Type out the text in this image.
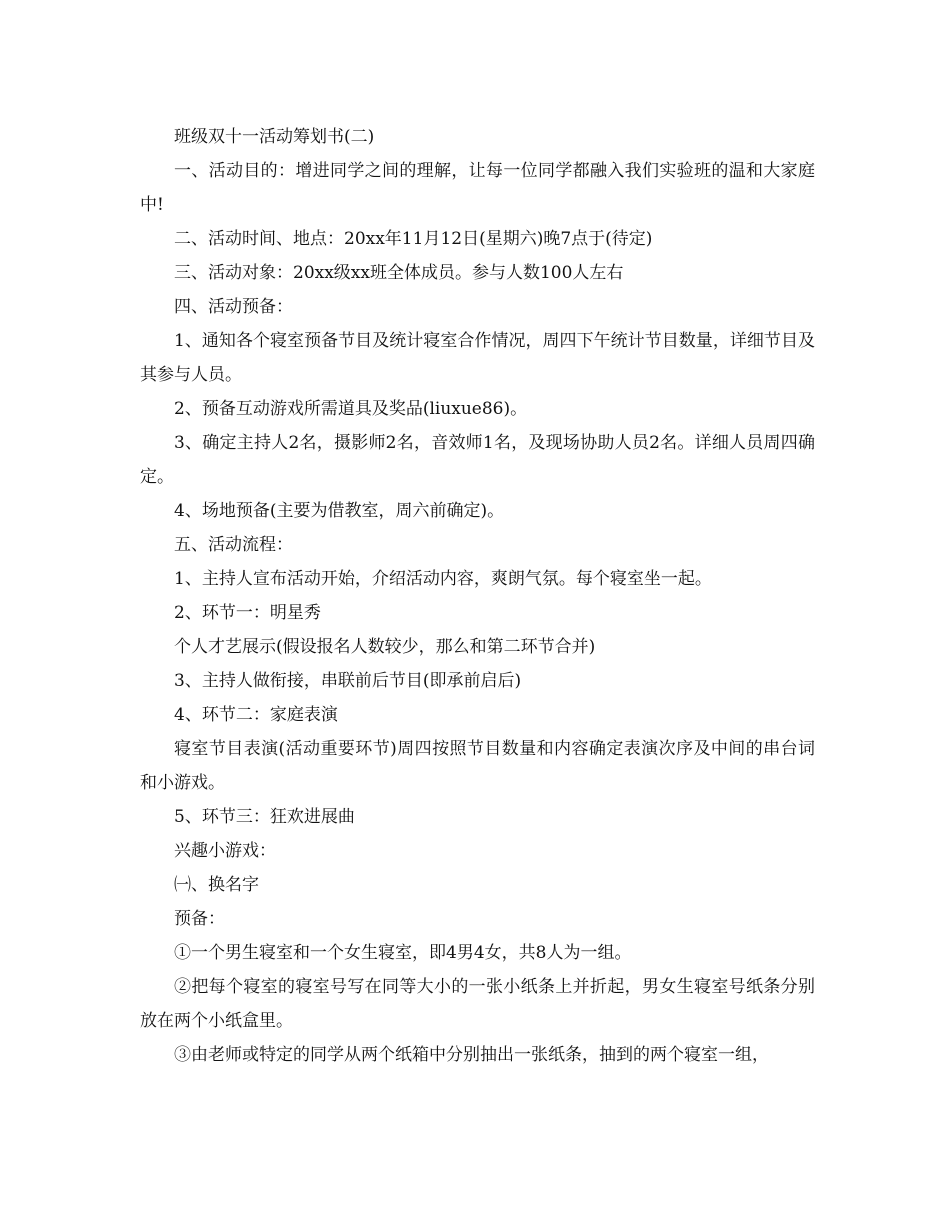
班级双十一活动筹划书(二)

一、活动目的：增进同学之间的理解，让每一位同学都融入我们实验班的温和大家庭中!

二、活动时间、地点：20xx年11月12日(星期六)晚7点于(待定)

三、活动对象：20xx级xx班全体成员。参与人数100人左右

四、活动预备：

1、通知各个寝室预备节目及统计寝室合作情况，周四下午统计节目数量，详细节目及其参与人员。

2、预备互动游戏所需道具及奖品(liuxue86)。

3、确定主持人2名，摄影师2名，音效师1名，及现场协助人员2名。详细人员周四确定。

4、场地预备(主要为借教室，周六前确定)。

五、活动流程：

1、主持人宣布活动开始，介绍活动内容，爽朗气氛。每个寝室坐一起。

2、环节一：明星秀

个人才艺展示(假设报名人数较少，那么和第二环节合并)

3、主持人做衔接，串联前后节目(即承前启后)

4、环节二：家庭表演

寝室节目表演(活动重要环节)周四按照节目数量和内容确定表演次序及中间的串台词和小游戏。

5、环节三：狂欢进展曲

兴趣小游戏：

㈠、换名字

预备：

①一个男生寝室和一个女生寝室，即4男4女，共8人为一组。

②把每个寝室的寝室号写在同等大小的一张小纸条上并折起，男女生寝室号纸条分别放在两个小纸盒里。

③由老师或特定的同学从两个纸箱中分别抽出一张纸条，抽到的两个寝室一组，
